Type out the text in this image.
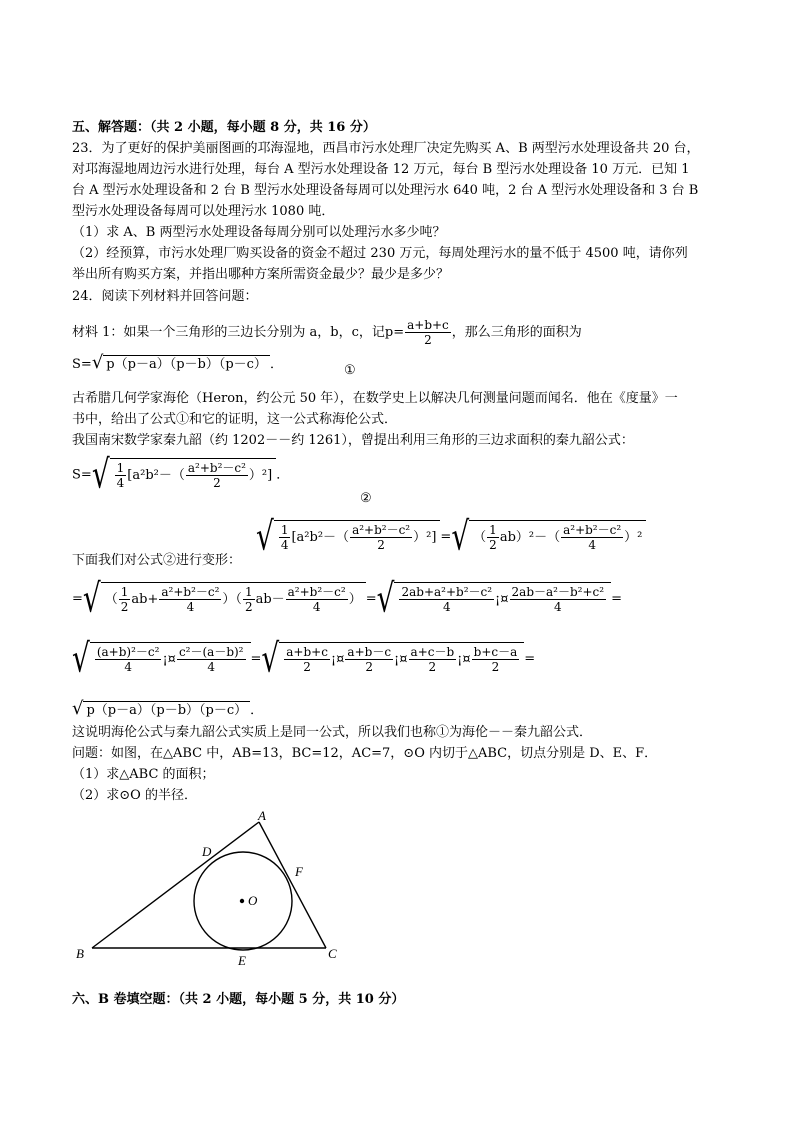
五、解答题：（共 2 小题，每小题 8 分，共 16 分）
23．为了更好的保护美丽图画的邛海湿地，西昌市污水处理厂决定先购买 A、B 两型污水处理设备共 20 台，
对邛海湿地周边污水进行处理，每台 A 型污水处理设备 12 万元，每台 B 型污水处理设备 10 万元．已知 1
台 A 型污水处理设备和 2 台 B 型污水处理设备每周可以处理污水 640 吨，2 台 A 型污水处理设备和 3 台 B
型污水处理设备每周可以处理污水 1080 吨．
（1）求 A、B 两型污水处理设备每周分别可以处理污水多少吨？
（2）经预算，市污水处理厂购买设备的资金不超过 230 万元，每周处理污水的量不低于 4500 吨，请你列
举出所有购买方案，并指出哪种方案所需资金最少？最少是多少？
24．阅读下列材料并回答问题：
材料 1：如果一个三角形的三边长分别为 a，b，c，记$p= \frac{a+b+c}{2}$ ，那么三角形的面积为
S=√ p（p－a）（p－b）（p－c） ．	①
古希腊几何学家海伦（Heron，约公元 50 年），在数学史上以解决几何测量问题而闻名．他在《度量》一
书中，给出了公式①和它的证明，这一公式称海伦公式．
我国南宋数学家秦九韶（约 1202－－约 1261），曾提出利用三角形的三边求面积的秦九韶公式：
$S=√ \frac{1}{4} [a^2b^2-( \frac{\text{a²+b²－c²}}{2} )^2]$ ．
②
下面我们对公式②进行变形：
√ $\frac{1}{4} [a^2b^2-( \frac{\text{a²+b²－c²}}{2} )^2]$ =√ （ $\frac{1}{2} ab)^2-( \frac{\text{a²+b²－c²}}{4} )^2$
=√ （ $\frac{1}{2} ab+ \frac{\text{a²+b²－c²}}{4}$ ）（ $\frac{1}{2} ab- \frac{\text{a²+b²－c²}}{4}$ ） =√ $\frac{\text{2ab+a²+b²－c²}}{4}$ ¡¤ $\frac{\text{2ab－a²－b²+c²}}{4}$ =
√ $\frac{\text{(a+b)²－c²}}{4}$ ¡¤ $\frac{\text{c²－(a－b)²}}{4}$ =√ $\frac{a+b+c}{2}$ ¡¤ $\frac{a+b-c}{2}$ ¡¤ $\frac{a+c-b}{2}$ ¡¤ $\frac{b+c-a}{2}$ =
√ p（p－a）（p－b）（p－c） ．
这说明海伦公式与秦九韶公式实质上是同一公式，所以我们也称①为海伦－－秦九韶公式．
问题：如图，在△ABC 中，AB=13，BC=12，AC=7，⊙O 内切于△ABC，切点分别是 D、E、F．
（1）求△ABC 的面积；
（2）求⊙O 的半径．
A
B	C
D
E
F
O
六、B 卷填空题：（共 2 小题，每小题 5 分，共 10 分）
